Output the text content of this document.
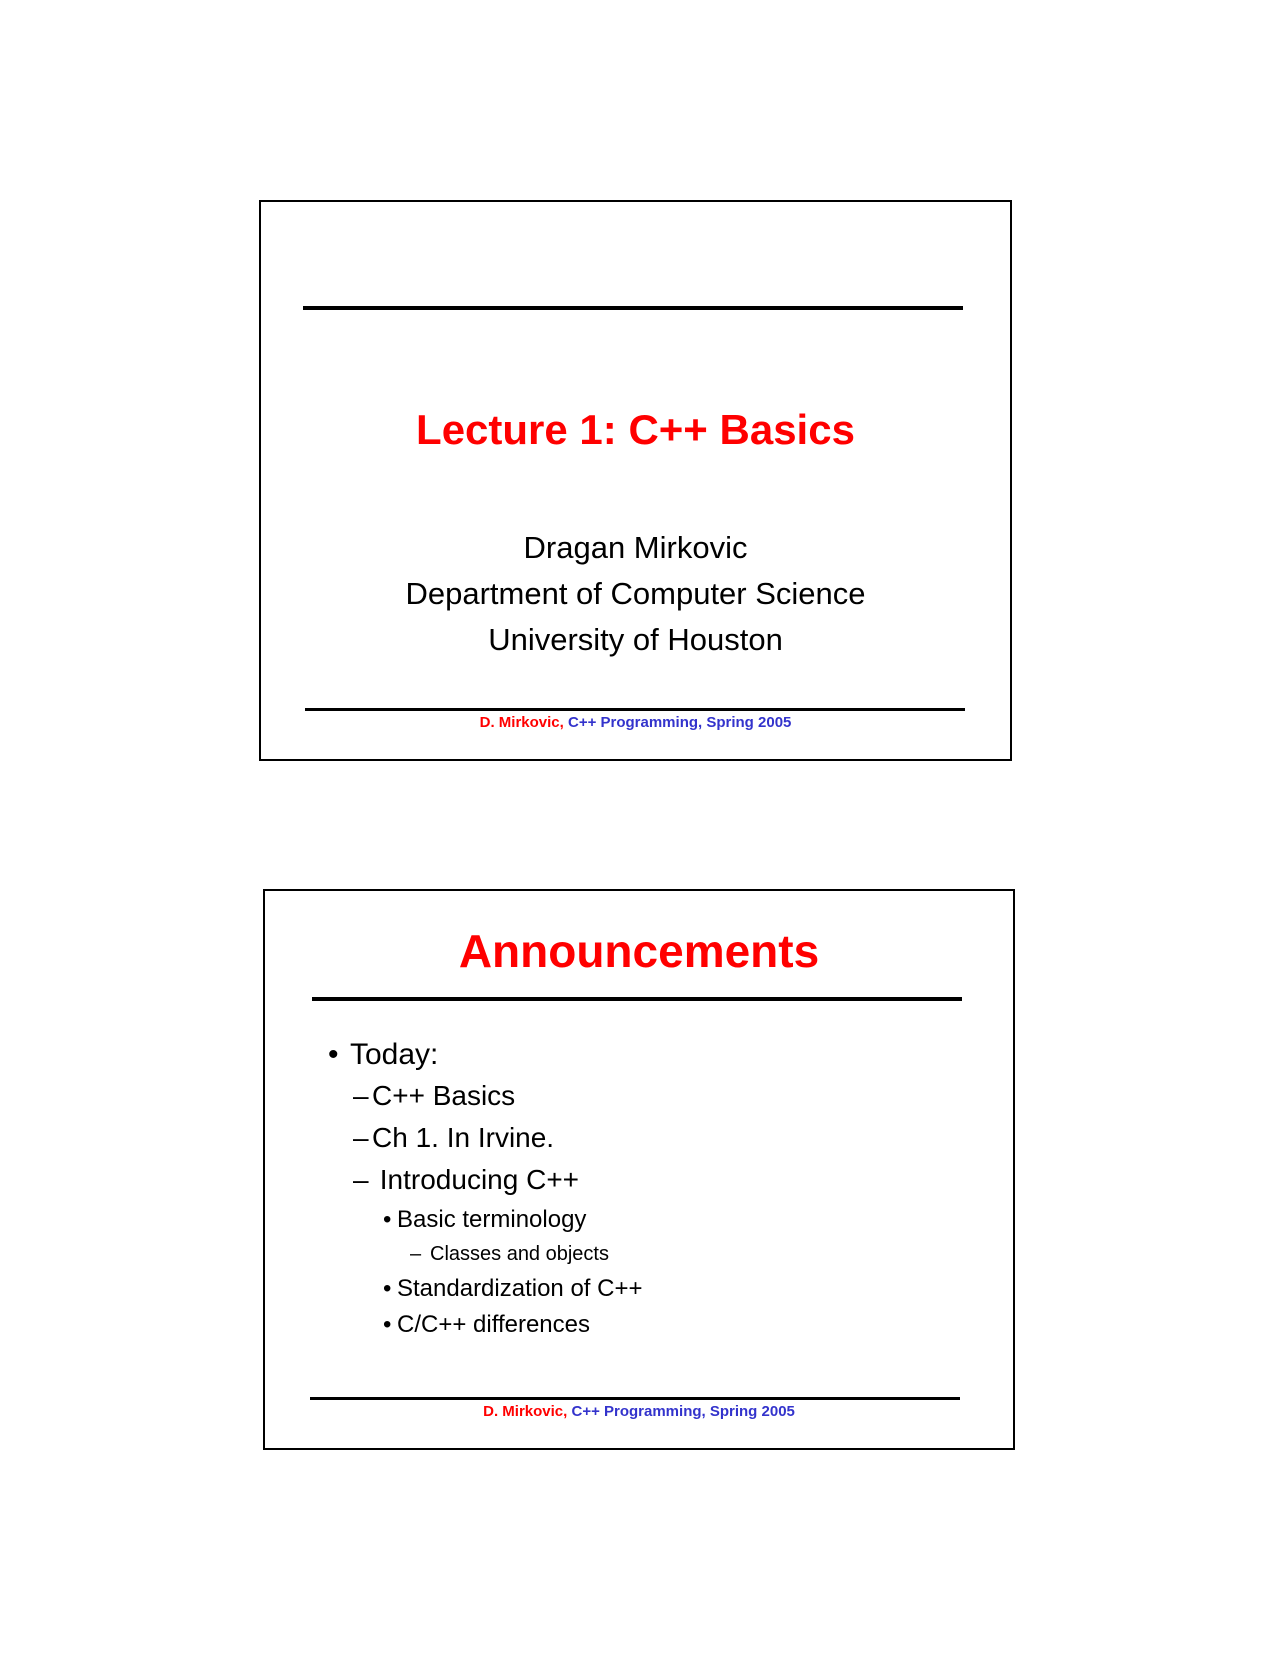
Lecture 1: C++ Basics
Dragan Mirkovic
Department of Computer Science
University of Houston
D. Mirkovic, C++ Programming, Spring 2005
Announcements
• Today:
– C++ Basics
– Ch 1. In Irvine.
– Introducing C++
• Basic terminology
– Classes and objects
• Standardization of C++
• C/C++ differences
D. Mirkovic, C++ Programming, Spring 2005
